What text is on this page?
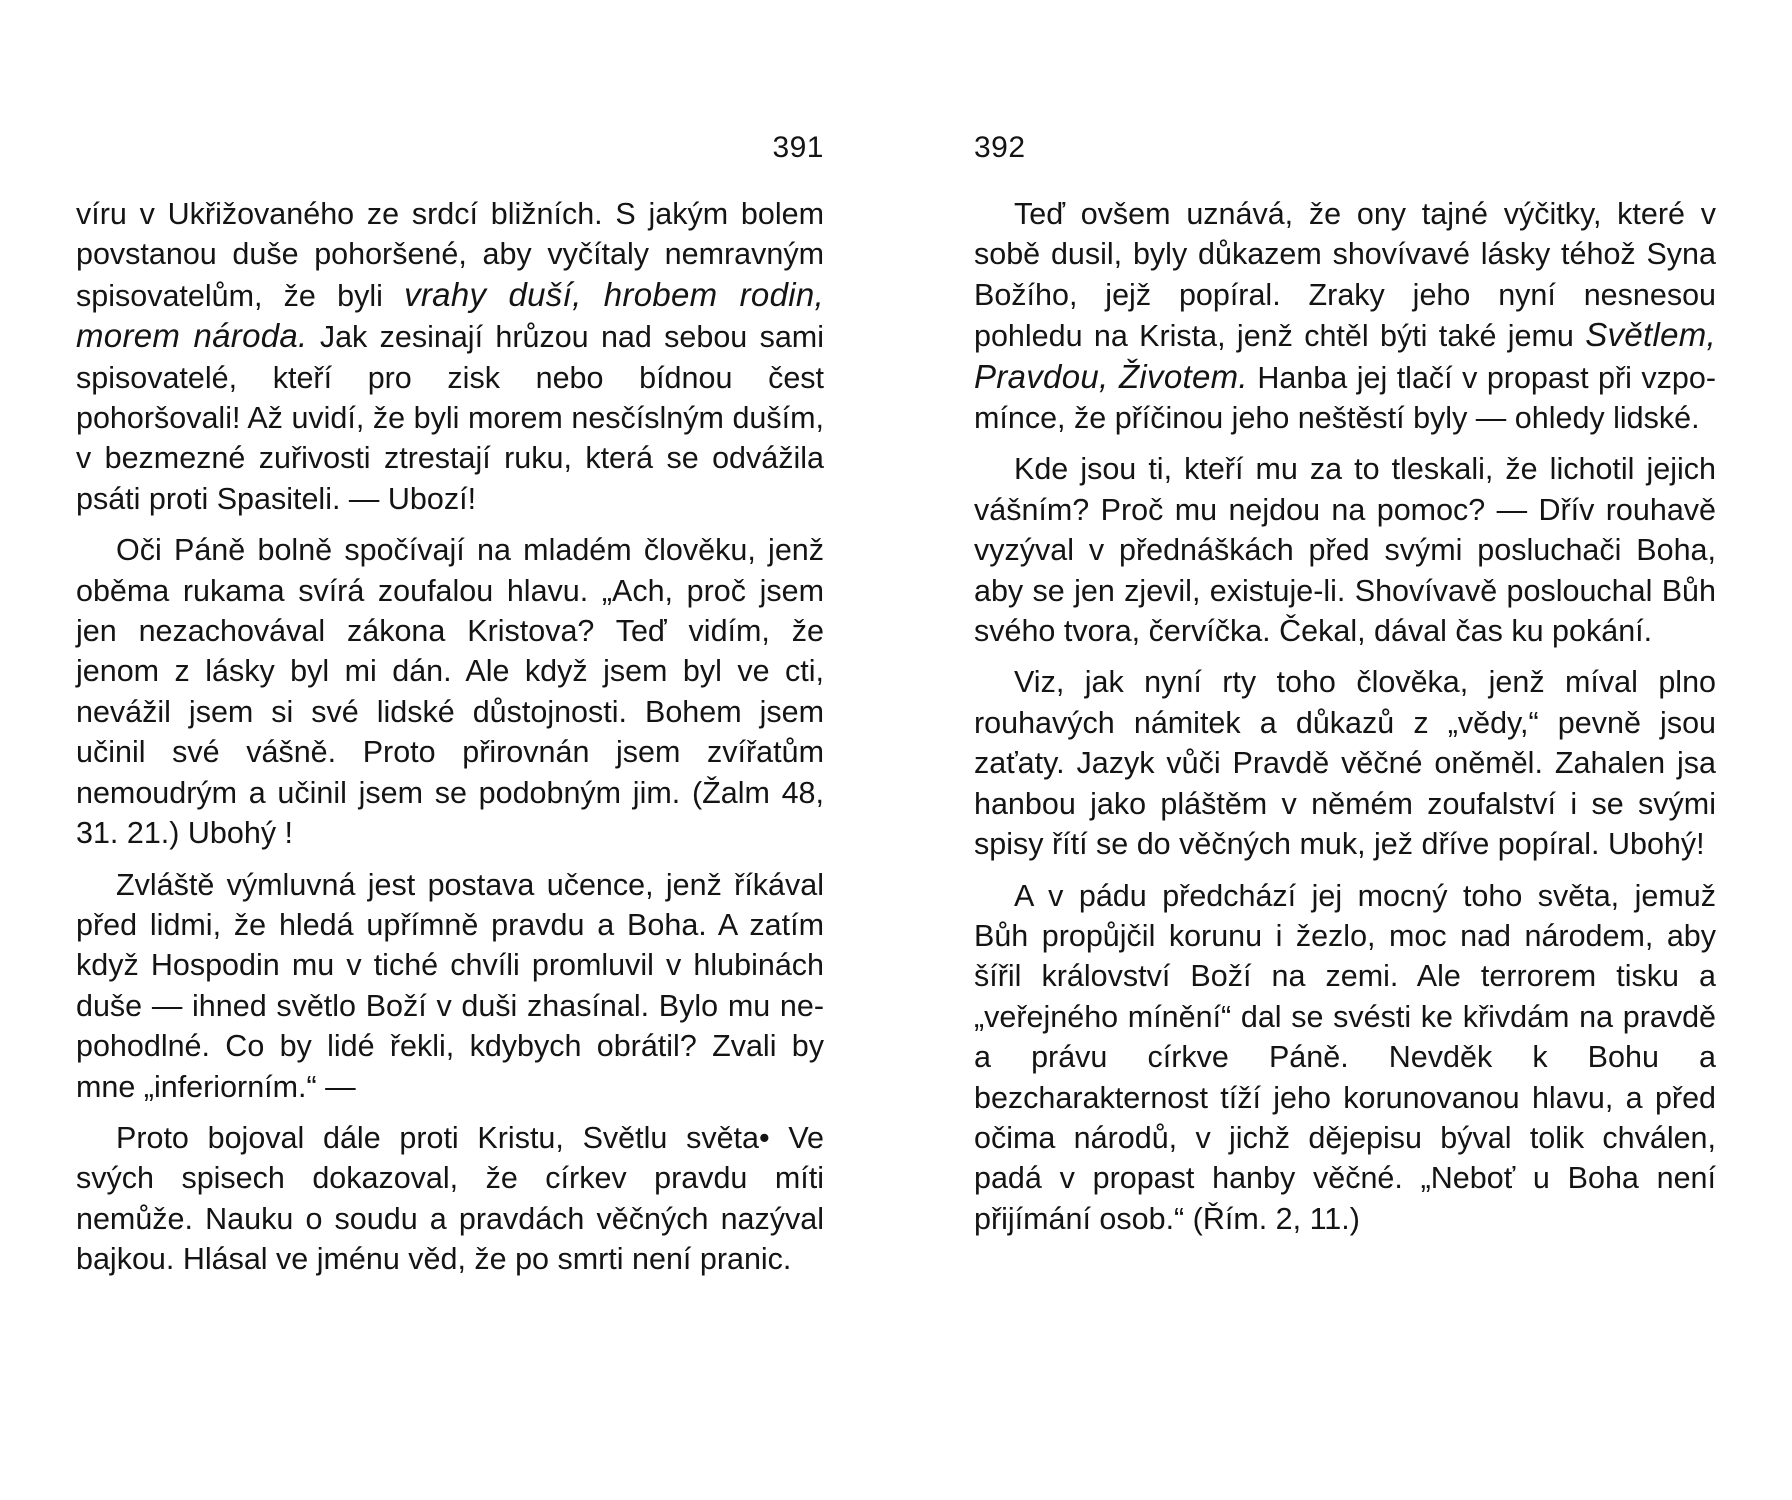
391

víru v Ukřižovaného ze srdcí bližních. S jakým bolem povstanou duše pohoršené, aby vyčítaly nemravným spisovatelům, že byli vrahy duší, hrobem rodin, morem národa. Jak zesinají hrůzou nad sebou sami spisovatelé, kteří pro zisk nebo bídnou čest pohoršovali! Až uvidí, že byli morem nesčíslným duším, v bezmezné zuřivosti ztrestají ruku, která se odvážila psáti proti Spasiteli. — Ubozí!

Oči Páně bolně spočívají na mladém člověku, jenž oběma rukama svírá zoufalou hlavu. „Ach, proč jsem jen nezachovával zákona Kristova? Teď vidím, že jenom z lásky byl mi dán. Ale když jsem byl ve cti, nevážil jsem si své lidské důstojnosti. Bohem jsem učinil své vášně. Proto přirovnán jsem zvířatům nemoudrým a učinil jsem se podobným jim. (Žalm 48, 31. 21.) Ubohý !

Zvláště výmluvná jest postava učence, jenž říkával před lidmi, že hledá upřímně pravdu a Boha. A zatím když Hospodin mu v tiché chvíli promluvil v hlubinách duše — ihned světlo Boží v duši zhasínal. Bylo mu nepohodlné. Co by lidé řekli, kdybych obrátil? Zvali by mne „inferiorním.“ —

Proto bojoval dále proti Kristu, Světlu světa• Ve svých spisech dokazoval, že církev pravdu míti nemůže. Nauku o soudu a pravdách věčných nazýval bajkou. Hlásal ve jménu věd, že po smrti není pranic.

392

Teď ovšem uznává, že ony tajné výčitky, které v sobě dusil, byly důkazem shovívavé lásky téhož Syna Božího, jejž popíral. Zraky jeho nyní nesnesou pohledu na Krista, jenž chtěl býti také jemu Světlem, Pravdou, Životem. Hanba jej tlačí v propast při vzpomínce, že příčinou jeho neštěstí byly — ohledy lidské.

Kde jsou ti, kteří mu za to tleskali, že lichotil jejich vášním? Proč mu nejdou na pomoc? — Dřív rouhavě vyzýval v přednáškách před svými posluchači Boha, aby se jen zjevil, existuje-li. Shovívavě poslouchal Bůh svého tvora, červíčka. Čekal, dával čas ku pokání.

Viz, jak nyní rty toho člověka, jenž míval plno rouhavých námitek a důkazů z „vědy,“ pevně jsou zaťaty. Jazyk vůči Pravdě věčné oněměl. Zahalen jsa hanbou jako pláštěm v němém zoufalství i se svými spisy řítí se do věčných muk, jež dříve popíral. Ubohý!

A v pádu předchází jej mocný toho světa, jemuž Bůh propůjčil korunu i žezlo, moc nad národem, aby šířil království Boží na zemi. Ale terrorem tisku a „veřejného mínění“ dal se svésti ke křivdám na pravdě a právu církve Páně. Nevděk k Bohu a bezcharakternost tíží jeho korunovanou hlavu, a před očima národů, v jichž dějepisu býval tolik chválen, padá v propast hanby věčné. „Neboť u Boha není přijímání osob.“ (Řím. 2, 11.)
